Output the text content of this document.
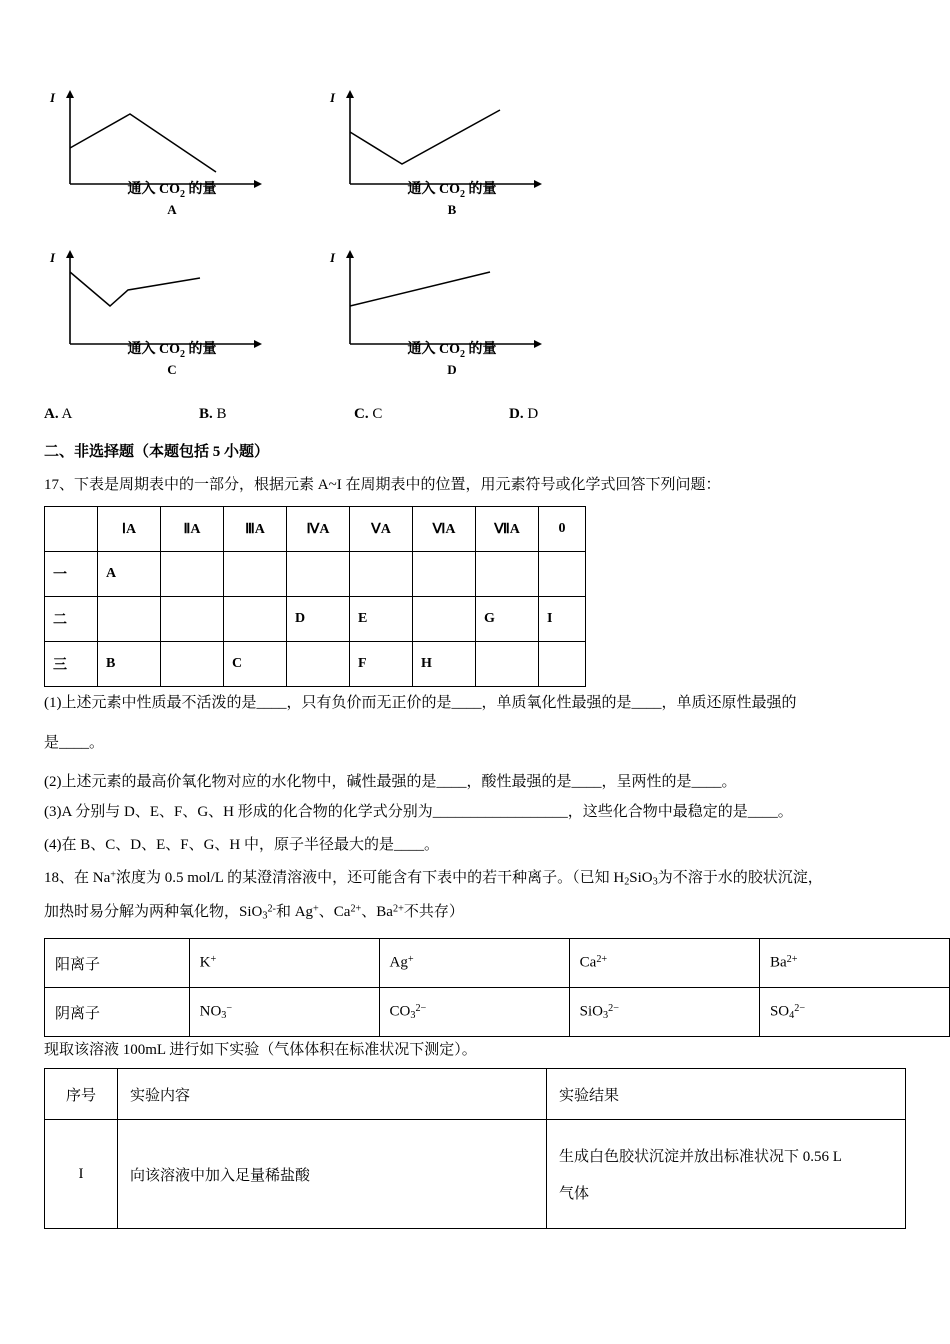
I
通入 $CO_2$ 的量
A
I
通入 $CO_2$ 的量
B
I
通入 $CO_2$ 的量
C
I
通入 $CO_2$ 的量
D
A. A	B. B	C. C	D. D
二、非选择题（本题包括 5 小题）
17、下表是周期表中的一部分，根据元素 A~I 在周期表中的位置，用元素符号或化学式回答下列问题：
	ⅠA	ⅡA	ⅢA	ⅣA	ⅤA	ⅥA	ⅦA	0
一	A							
二				D	E		G	I
三	B		C		F	H		
(1)上述元素中性质最不活泼的是____，只有负价而无正价的是____，单质氧化性最强的是____，单质还原性最强的
是____。
(2)上述元素的最高价氧化物对应的水化物中，碱性最强的是____，酸性最强的是____，呈两性的是____。
(3)A 分别与 D、E、F、G、H 形成的化合物的化学式分别为__________________，这些化合物中最稳定的是____。
(4)在 B、C、D、E、F、G、H 中，原子半径最大的是____。
18、在 Na+浓度为 0.5 mol/L 的某澄清溶液中，还可能含有下表中的若干种离子。（已知 $H_2SiO_3$为不溶于水的胶状沉淀，
加热时易分解为两种氧化物，SiO$_3^{2-}$和 Ag+、$Ca^{2+}$、$Ba^{2+}$不共存）
阳离子	K+	Ag+	$Ca^{2+}$	$Ba^{2+}$
阴离子	$NO_3^-$	$CO_3^{2-}$	SiO$_3^{2-}$	$SO_4^{2-}$
现取该溶液 100mL 进行如下实验（气体体积在标准状况下测定）。
序号	实验内容	实验结果
I	向该溶液中加入足量稀盐酸	生成白色胶状沉淀并放出标准状况下 0.56 L
气体
